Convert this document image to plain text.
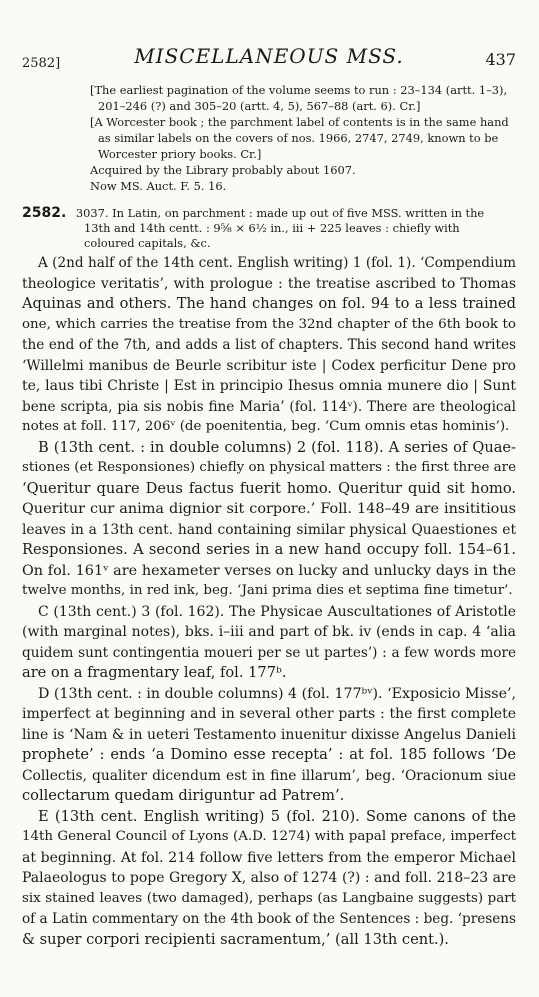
2582]	MISCELLANEOUS MSS.	437
[The earliest pagination of the volume seems to run : 23–134 (artt. 1–3),
201–246 (?) and 305–20 (artt. 4, 5), 567–88 (art. 6). Cr.]
[A Worcester book ; the parchment label of contents is in the same hand
as similar labels on the covers of nos. 1966, 2747, 2749, known to be
Worcester priory books. Cr.]
Acquired by the Library probably about 1607.
Now MS. Auct. F. 5. 16.
2582. 3037. In Latin, on parchment : made up out of five MSS. written in the
13th and 14th centt. : 9⅝ × 6½ in., iii + 225 leaves : chiefly with
coloured capitals, &c.
A (2nd half of the 14th cent. English writing) 1 (fol. 1). ‘Compendium
theologice veritatis’, with prologue : the treatise ascribed to Thomas
Aquinas and others. The hand changes on fol. 94 to a less trained
one, which carries the treatise from the 32nd chapter of the 6th book to
the end of the 7th, and adds a list of chapters. This second hand writes
‘Willelmi manibus de Beurle scribitur iste | Codex perficitur Dene pro
te, laus tibi Christe | Est in principio Ihesus omnia munere dio | Sunt
bene scripta, pia sis nobis fine Maria’ (fol. 114ᵛ). There are theological
notes at foll. 117, 206ᵛ (de poenitentia, beg. ‘Cum omnis etas hominis’).
B (13th cent. : in double columns) 2 (fol. 118). A series of Quae-
stiones (et Responsiones) chiefly on physical matters : the first three are
‘Queritur quare Deus factus fuerit homo. Queritur quid sit homo.
Queritur cur anima dignior sit corpore.’ Foll. 148–49 are insititious
leaves in a 13th cent. hand containing similar physical Quaestiones et
Responsiones. A second series in a new hand occupy foll. 154–61.
On fol. 161ᵛ are hexameter verses on lucky and unlucky days in the
twelve months, in red ink, beg. ‘Jani prima dies et septima fine timetur’.
C (13th cent.) 3 (fol. 162). The Physicae Auscultationes of Aristotle
(with marginal notes), bks. i–iii and part of bk. iv (ends in cap. 4 ‘alia
quidem sunt contingentia moueri per se ut partes’) : a few words more
are on a fragmentary leaf, fol. 177ᵇ.
D (13th cent. : in double columns) 4 (fol. 177ᵇᵛ). ‘Exposicio Misse’,
imperfect at beginning and in several other parts : the first complete
line is ‘Nam & in ueteri Testamento inuenitur dixisse Angelus Danieli
prophete’ : ends ‘a Domino esse recepta’ : at fol. 185 follows ‘De
Collectis, qualiter dicendum est in fine illarum’, beg. ‘Oracionum siue
collectarum quedam diriguntur ad Patrem’.
E (13th cent. English writing) 5 (fol. 210). Some canons of the
14th General Council of Lyons (A.D. 1274) with papal preface, imperfect
at beginning. At fol. 214 follow five letters from the emperor Michael
Palaeologus to pope Gregory X, also of 1274 (?) : and foll. 218–23 are
six stained leaves (two damaged), perhaps (as Langbaine suggests) part
of a Latin commentary on the 4th book of the Sentences : beg. ‘presens
& super corpori recipienti sacramentum,’ (all 13th cent.).
